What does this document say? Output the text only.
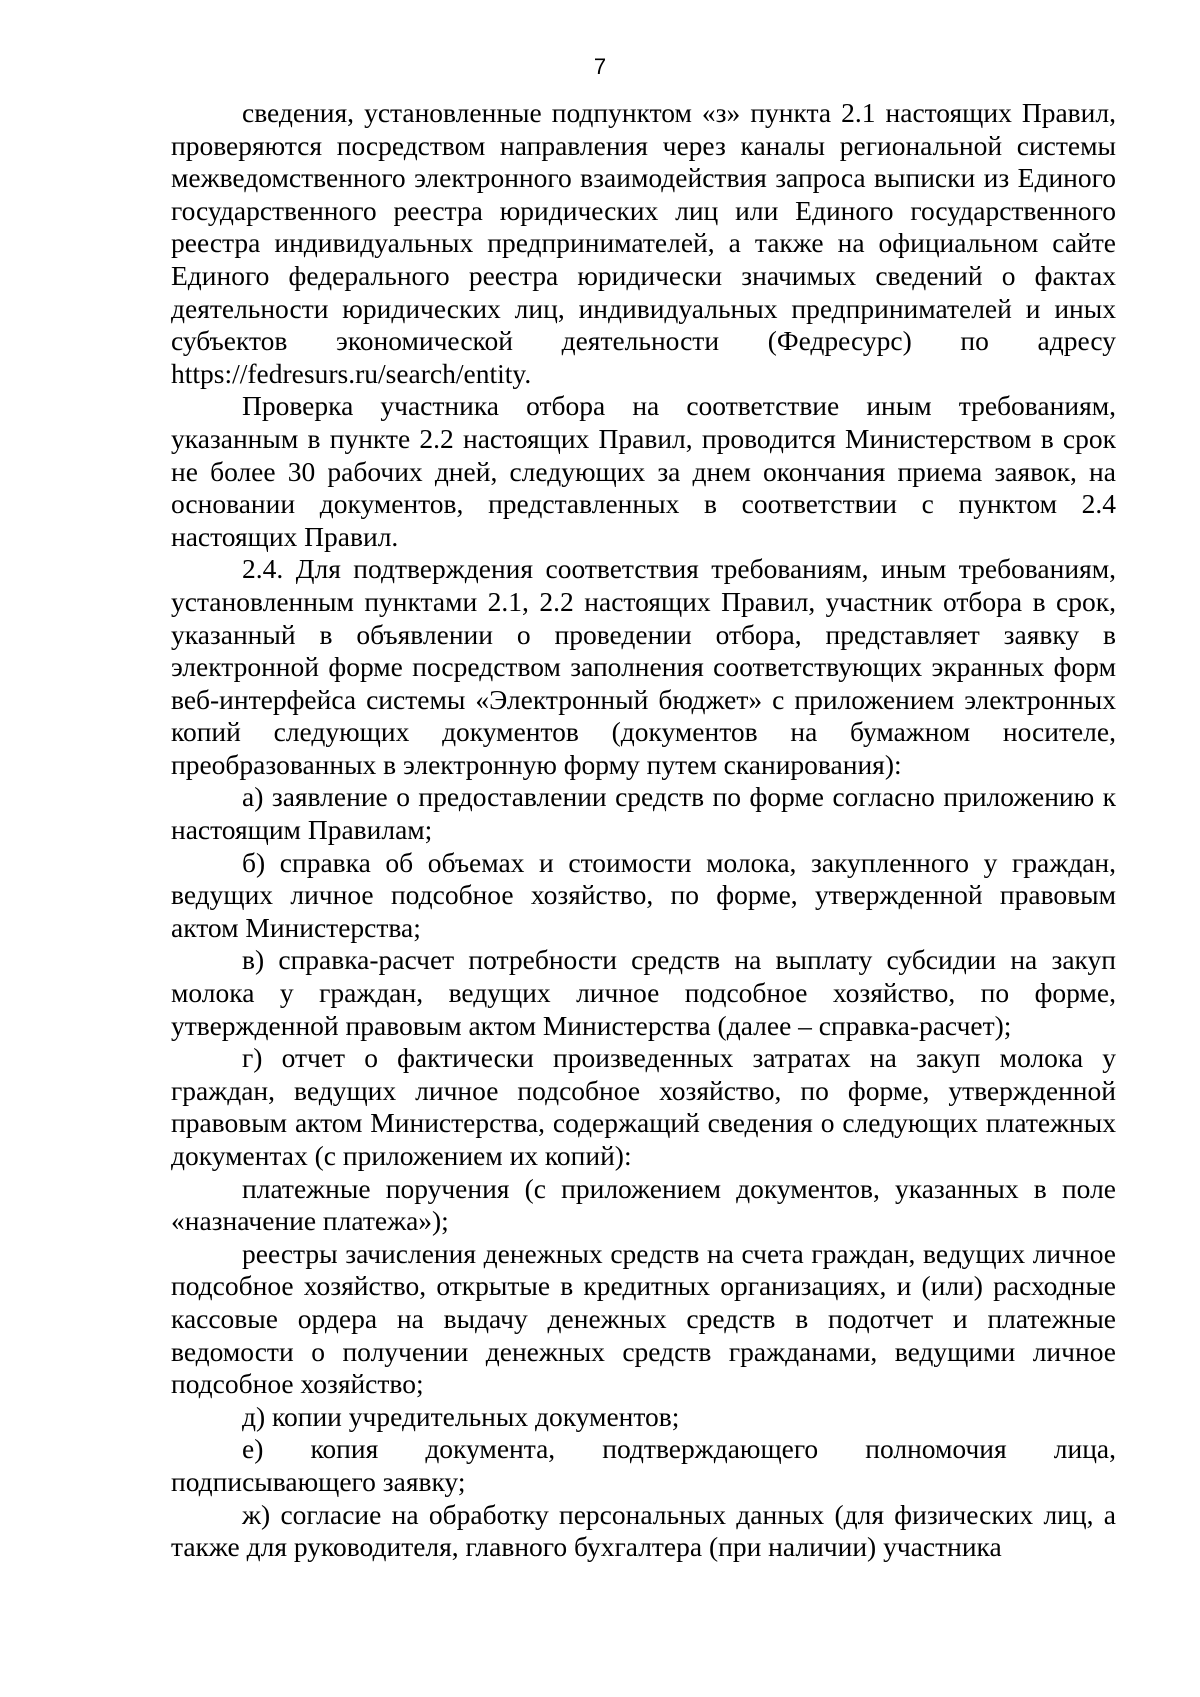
7

сведения, установленные подпунктом «з» пункта 2.1 настоящих Правил, проверяются посредством направления через каналы региональной системы межведомственного электронного взаимодействия запроса выписки из Единого государственного реестра юридических лиц или Единого государственного реестра индивидуальных предпринимателей, а также на официальном сайте Единого федерального реестра юридически значимых сведений о фактах деятельности юридических лиц, индивидуальных предпринимателей и иных субъектов экономической деятельности (Федресурс) по адресу https://fedresurs.ru/search/entity.

Проверка участника отбора на соответствие иным требованиям, указанным в пункте 2.2 настоящих Правил, проводится Министерством в срок не более 30 рабочих дней, следующих за днем окончания приема заявок, на основании документов, представленных в соответствии с пунктом 2.4 настоящих Правил.

2.4. Для подтверждения соответствия требованиям, иным требованиям, установленным пунктами 2.1, 2.2 настоящих Правил, участник отбора в срок, указанный в объявлении о проведении отбора, представляет заявку в электронной форме посредством заполнения соответствующих экранных форм веб-интерфейса системы «Электронный бюджет» с приложением электронных копий следующих документов (документов на бумажном носителе, преобразованных в электронную форму путем сканирования):

а) заявление о предоставлении средств по форме согласно приложению к настоящим Правилам;

б) справка об объемах и стоимости молока, закупленного у граждан, ведущих личное подсобное хозяйство, по форме, утвержденной правовым актом Министерства;

в) справка-расчет потребности средств на выплату субсидии на закуп молока у граждан, ведущих личное подсобное хозяйство, по форме, утвержденной правовым актом Министерства (далее – справка-расчет);

г) отчет о фактически произведенных затратах на закуп молока у граждан, ведущих личное подсобное хозяйство, по форме, утвержденной правовым актом Министерства, содержащий сведения о следующих платежных документах (с приложением их копий):

платежные поручения (с приложением документов, указанных в поле «назначение платежа»);

реестры зачисления денежных средств на счета граждан, ведущих личное подсобное хозяйство, открытые в кредитных организациях, и (или) расходные кассовые ордера на выдачу денежных средств в подотчет и платежные ведомости о получении денежных средств гражданами, ведущими личное подсобное хозяйство;

д) копии учредительных документов;

е) копия документа, подтверждающего полномочия лица, подписывающего заявку;

ж) согласие на обработку персональных данных (для физических лиц, а также для руководителя, главного бухгалтера (при наличии) участника
